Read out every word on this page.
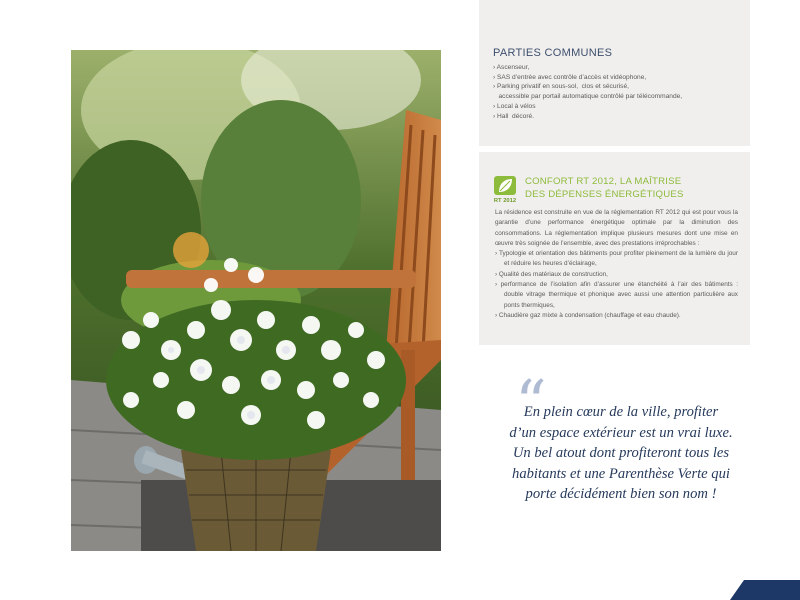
PARTIES COMMUNES
› Ascenseur,
› SAS d’entrée avec contrôle d’accès et vidéophone,
› Parking privatif en sous-sol,  clos et sécurisé,
accessible par portail automatique contrôlé par télécommande,
› Local à vélos
› Hall  décoré.
RT 2012
CONFORT RT 2012, LA MAÎTRISE
DES DÉPENSES ÉNERGÉTIQUES

La résidence est construite en vue de la réglementation RT 2012 qui est pour vous la garantie d’une performance énergétique optimale par la diminution des consommations. La réglementation implique plusieurs mesures dont une mise en œuvre très soignée de l’ensemble, avec des prestations irréprochables :

› Typologie et orientation des bâtiments pour profiter pleinement de la lumière du jour et réduire les heures d’éclairage,
› Qualité des matériaux de construction,
› performance de l’isolation afin d’assurer une étanchéité à l’air des bâtiments : double vitrage thermique et phonique avec aussi une attention particulière aux ponts thermiques,
› Chaudière gaz mixte à condensation (chauffage et eau chaude).
“
En plein cœur de la ville, profiter
d’un espace extérieur est un vrai luxe.
Un bel atout dont profiteront tous les
habitants et une Parenthèse Verte qui
porte décidément bien son nom !
